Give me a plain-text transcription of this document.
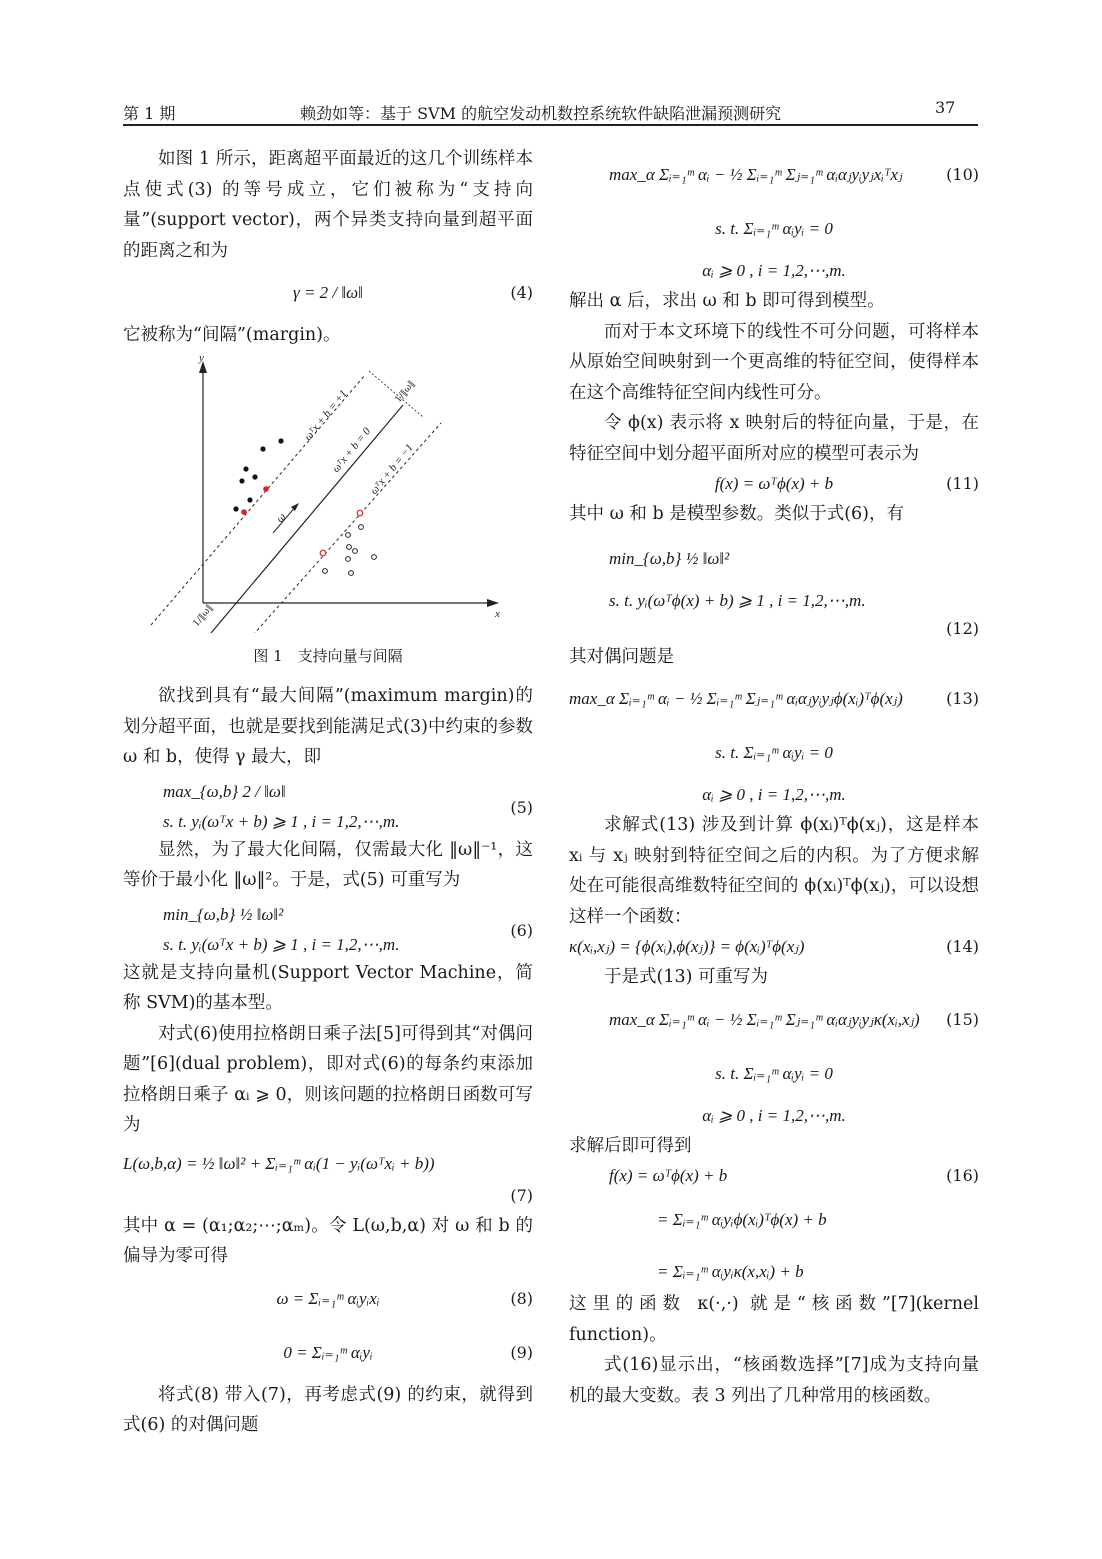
第 1 期	赖劲如等：基于 SVM 的航空发动机数控系统软件缺陷泄漏预测研究	37

如图 1 所示，距离超平面最近的这几个训练样本点使式(3) 的等号成立，它们被称为“支持向量”(support vector)，两个异类支持向量到超平面的距离之和为

γ = 2 / ‖ω‖	(4)

它被称为“间隔”(margin)。

y
x
ωᵀx + b = +1
ωᵀx + b = 0
ωᵀx + b = −1
1/‖ω‖
ω
1/‖ω‖
图 1　支持向量与间隔

欲找到具有“最大间隔”(maximum margin)的划分超平面，也就是要找到能满足式(3)中约束的参数 ω 和 b，使得 γ 最大，即

max_{ω,b} 2 / ‖ω‖
(5)
s. t. yᵢ(ωᵀx + b) ⩾ 1 , i = 1,2,⋯,m.

显然，为了最大化间隔，仅需最大化 ‖ω‖⁻¹，这等价于最小化 ‖ω‖²。于是，式(5) 可重写为

min_{ω,b} ½ ‖ω‖²
(6)
s. t. yᵢ(ωᵀx + b) ⩾ 1 , i = 1,2,⋯,m.

这就是支持向量机(Support Vector Machine，简称 SVM)的基本型。

对式(6)使用拉格朗日乘子法[5]可得到其“对偶问题”[6](dual problem)，即对式(6)的每条约束添加拉格朗日乘子 αᵢ ⩾ 0，则该问题的拉格朗日函数可写为

L(ω,b,α) = ½ ‖ω‖² + Σᵢ₌₁ᵐ αᵢ(1 − yᵢ(ωᵀxᵢ + b))
(7)

其中 α = (α₁;α₂;⋯;αₘ)。令 L(ω,b,α) 对 ω 和 b 的偏导为零可得

ω = Σᵢ₌₁ᵐ αᵢyᵢxᵢ	(8)
0 = Σᵢ₌₁ᵐ αᵢyᵢ	(9)

将式(8) 带入(7)，再考虑式(9) 的约束，就得到式(6) 的对偶问题

max_α Σᵢ₌₁ᵐ αᵢ − ½ Σᵢ₌₁ᵐ Σⱼ₌₁ᵐ αᵢαⱼyᵢyⱼxᵢᵀxⱼ	(10)
s. t. Σᵢ₌₁ᵐ αᵢyᵢ = 0
αᵢ ⩾ 0 , i = 1,2,⋯,m.

解出 α 后，求出 ω 和 b 即可得到模型。

而对于本文环境下的线性不可分问题，可将样本从原始空间映射到一个更高维的特征空间，使得样本在这个高维特征空间内线性可分。

令 ϕ(x) 表示将 x 映射后的特征向量，于是，在特征空间中划分超平面所对应的模型可表示为

f(x) = ωᵀϕ(x) + b	(11)

其中 ω 和 b 是模型参数。类似于式(6)，有

min_{ω,b} ½ ‖ω‖²
s. t. yᵢ(ωᵀϕ(x) + b) ⩾ 1 , i = 1,2,⋯,m.
(12)

其对偶问题是

max_α Σᵢ₌₁ᵐ αᵢ − ½ Σᵢ₌₁ᵐ Σⱼ₌₁ᵐ αᵢαⱼyᵢyⱼϕ(xᵢ)ᵀϕ(xⱼ)	(13)
s. t. Σᵢ₌₁ᵐ αᵢyᵢ = 0
αᵢ ⩾ 0 , i = 1,2,⋯,m.

求解式(13) 涉及到计算 ϕ(xᵢ)ᵀϕ(xⱼ)，这是样本 xᵢ 与 xⱼ 映射到特征空间之后的内积。为了方便求解处在可能很高维数特征空间的 ϕ(xᵢ)ᵀϕ(xⱼ)，可以设想这样一个函数：

κ(xᵢ,xⱼ) = {ϕ(xᵢ),ϕ(xⱼ)} = ϕ(xᵢ)ᵀϕ(xⱼ)	(14)

于是式(13) 可重写为

max_α Σᵢ₌₁ᵐ αᵢ − ½ Σᵢ₌₁ᵐ Σⱼ₌₁ᵐ αᵢαⱼyᵢyⱼκ(xᵢ,xⱼ) (15)
s. t. Σᵢ₌₁ᵐ αᵢyᵢ = 0
αᵢ ⩾ 0 , i = 1,2,⋯,m.

求解后即可得到

f(x) = ωᵀϕ(x) + b	(16)
= Σᵢ₌₁ᵐ αᵢyᵢϕ(xᵢ)ᵀϕ(x) + b
= Σᵢ₌₁ᵐ αᵢyᵢκ(x,xᵢ) + b

这里的函数 κ(·,·) 就是“核函数”[7](kernel function)。

式(16)显示出，“核函数选择”[7]成为支持向量机的最大变数。表 3 列出了几种常用的核函数。
